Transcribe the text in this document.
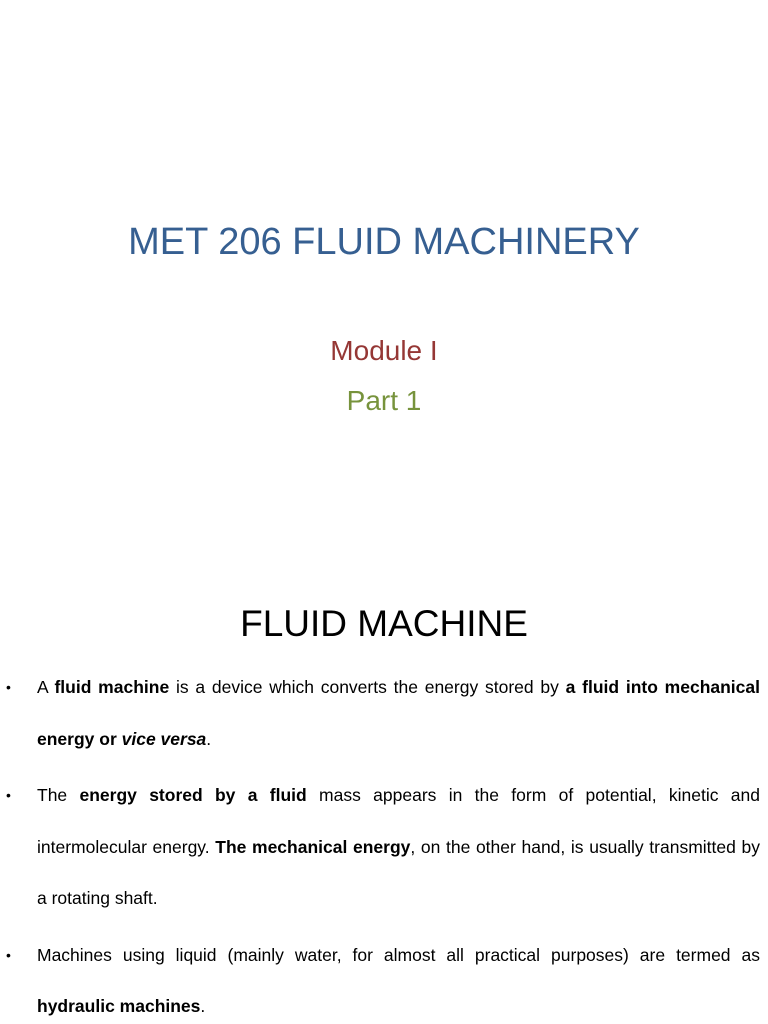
MET 206 FLUID MACHINERY
Module I
Part 1
FLUID MACHINE
• A fluid machine is a device which converts the energy stored by a fluid into mechanical energy or vice versa.
• The energy stored by a fluid mass appears in the form of potential, kinetic and intermolecular energy. The mechanical energy, on the other hand, is usually transmitted by a rotating shaft.
• Machines using liquid (mainly water, for almost all practical purposes) are termed as hydraulic machines.
